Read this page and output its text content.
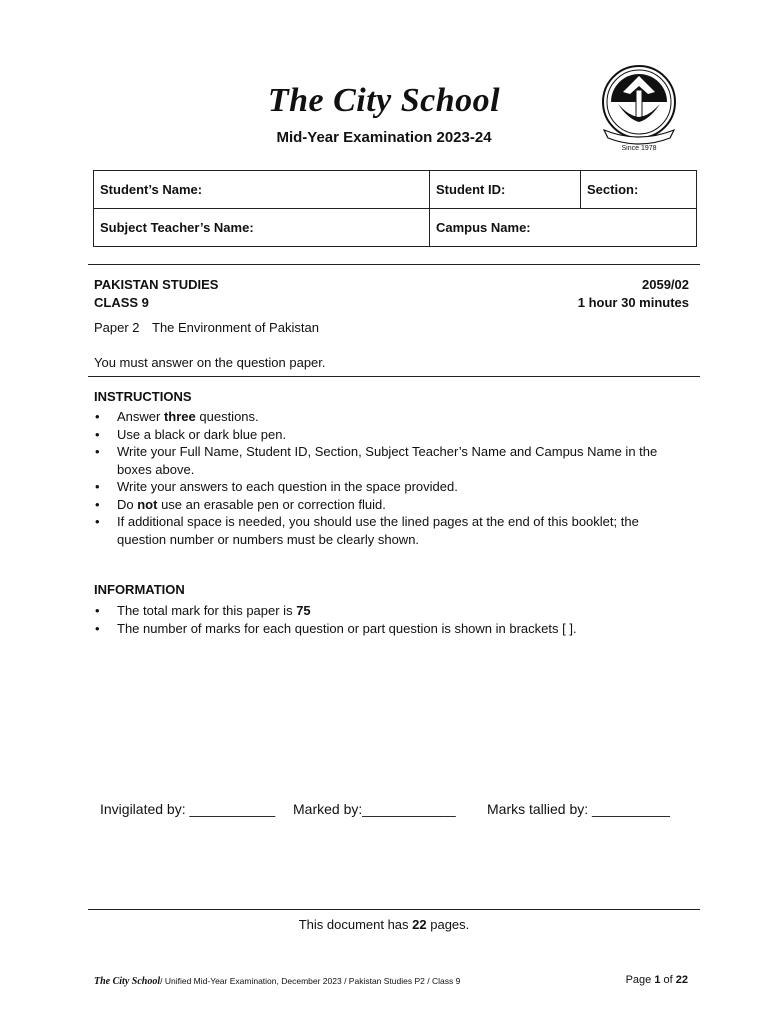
The City School
Mid-Year Examination 2023-24
Since 1978
Student’s Name:	Student ID:	Section:
Subject Teacher’s Name:	Campus Name:	
PAKISTAN STUDIES	2059/02
CLASS 9	1 hour 30 minutes
Paper 2 The Environment of Pakistan
You must answer on the question paper.
INSTRUCTIONS
• Answer three questions.
• Use a black or dark blue pen.
• Write your Full Name, Student ID, Section, Subject Teacher’s Name and Campus Name in the boxes above.
• Write your answers to each question in the space provided.
• Do not use an erasable pen or correction fluid.
• If additional space is needed, you should use the lined pages at the end of this booklet; the question number or numbers must be clearly shown.
INFORMATION
• The total mark for this paper is 75
• The number of marks for each question or part question is shown in brackets [ ].
Invigilated by: ___________ Marked by:____________ Marks tallied by: __________
This document has 22 pages.
The City School/ Unified Mid-Year Examination, December 2023 / Pakistan Studies P2 / Class 9	Page 1 of 22
